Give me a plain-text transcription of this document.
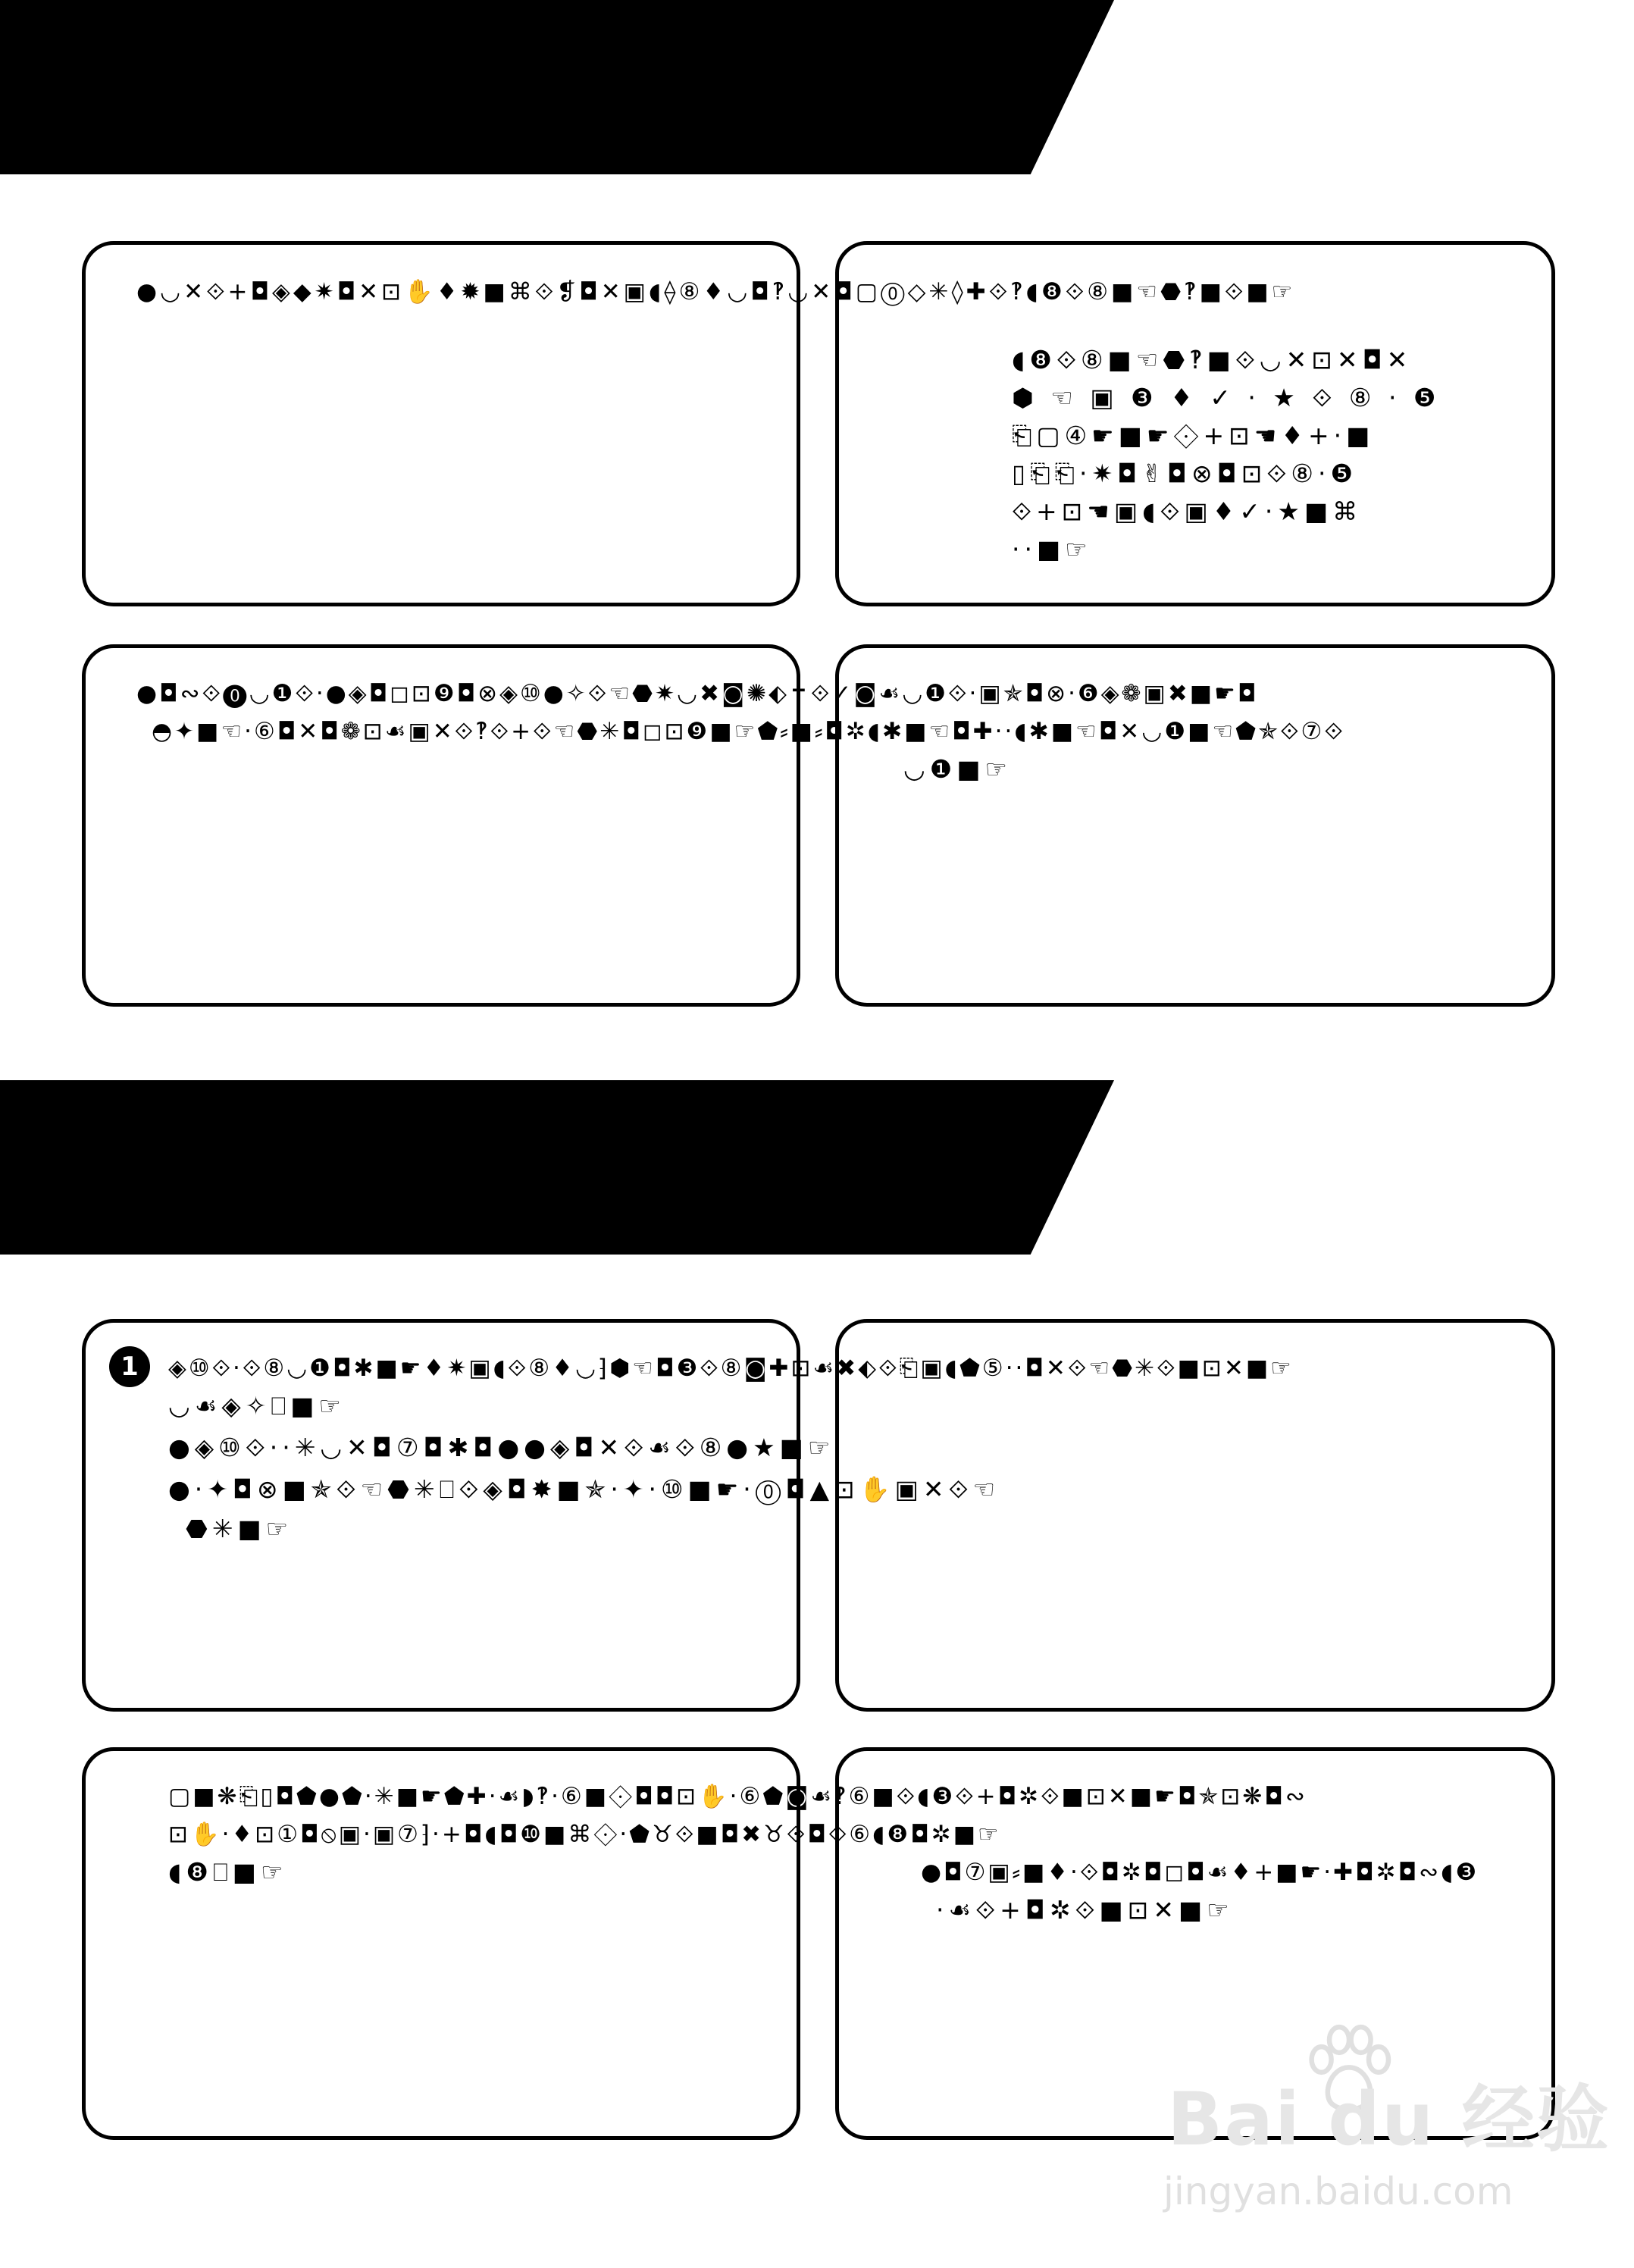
●◡✕⟐+◘◈◆✷◘✕⊡✋♦✹■⌘⟐❡◘✕▣◖⟠⑧♦◡◘‽◡✕◘▢⓪◇✳◊✚⟐‽◖❽⟐⑧■☜⬣‽■⟐■☞
◖❽⟐⑧■☜⬣‽■⟐◡✕⊡✕◘✕
⬢ ☜ ▣ ❸ ♦ ✓ · ★ ⟐ ⑧ · ❺
⎗▢④☛■☛⟐+⊡☚♦+·■
▯⎗⎗·✷◘✌◘⊗◘⊡⟐⑧·❺
⟐+⊡☚▣◖⟐▣♦✓·★■⌘
··■☞
●◘∾⟐⓿◡❶⟐·●◈◘◻⊡❾◘⊗◈⑩●✧⟐☜⬣✷◡✖◙✺⬖✝⟐✓◙☙◡❶⟐·▣✯◘⊗·❻◈❁▣✖■☛◘
◓✦■☜·⑥◘✕◘❁⊡☙▣✕⟐‽⟐+⟐☜⬣✳◘◻⊡❾■☞⬟⸗■⸗◘✲◖✱■☜◘✚··◖✱■☜◘✕◡❶■☜⬟✯⟐⑦⟐
◡❶■☞
1	◈⑩⟐·⟐⑧◡❶◘✱■☛♦✷▣◖⟐⑧♦◡⁆⬢☜◘❸⟐⑧◙✚⊡☙✖⬖⟐⎗▣◖⬟⑤··◘✕⟐☜⬣✳⟐■⊡✕■☞
◡☙◈✧⎕■☞
●◈⑩⟐··✳◡✕◘⑦◘✱◘●●◈◘✕⟐☙⟐⑧●★■☞
●·✦◘⊗■✯⟐☜⬣✳⎕⟐◈◘✸■✯·✦·⑩■☛·⓪◘▲⊡✋▣✕⟐☜
⬣✳■☞
▢■❋⎗▯◘⬟●⬟·✳■☛⬟✚·☙◗‽·⑥■⟐◘◘⊡✋·⑥⬟◙☙‽⑥■⟐◖❸⟐+◘✲⟐■⊡✕■☛◘✯⊡❋◘∾
⊡✋·♦⊡①◘⦸▣·▣⑦⁆·+◘◖◘❿■⌘⟐·⬟♉⟐■◘✖♉⟐◘⟐⑥◖❽◘✲■☞
◖❽⎕■☞	●◘⑦▣⸗■♦·⟐◘✲◘◻◘☙♦+■☛·✚◘✲◘∾◖❸
·☙⟐+◘✲⟐■⊡✕■☞
Bai du 经验
jingyan.baidu.com
